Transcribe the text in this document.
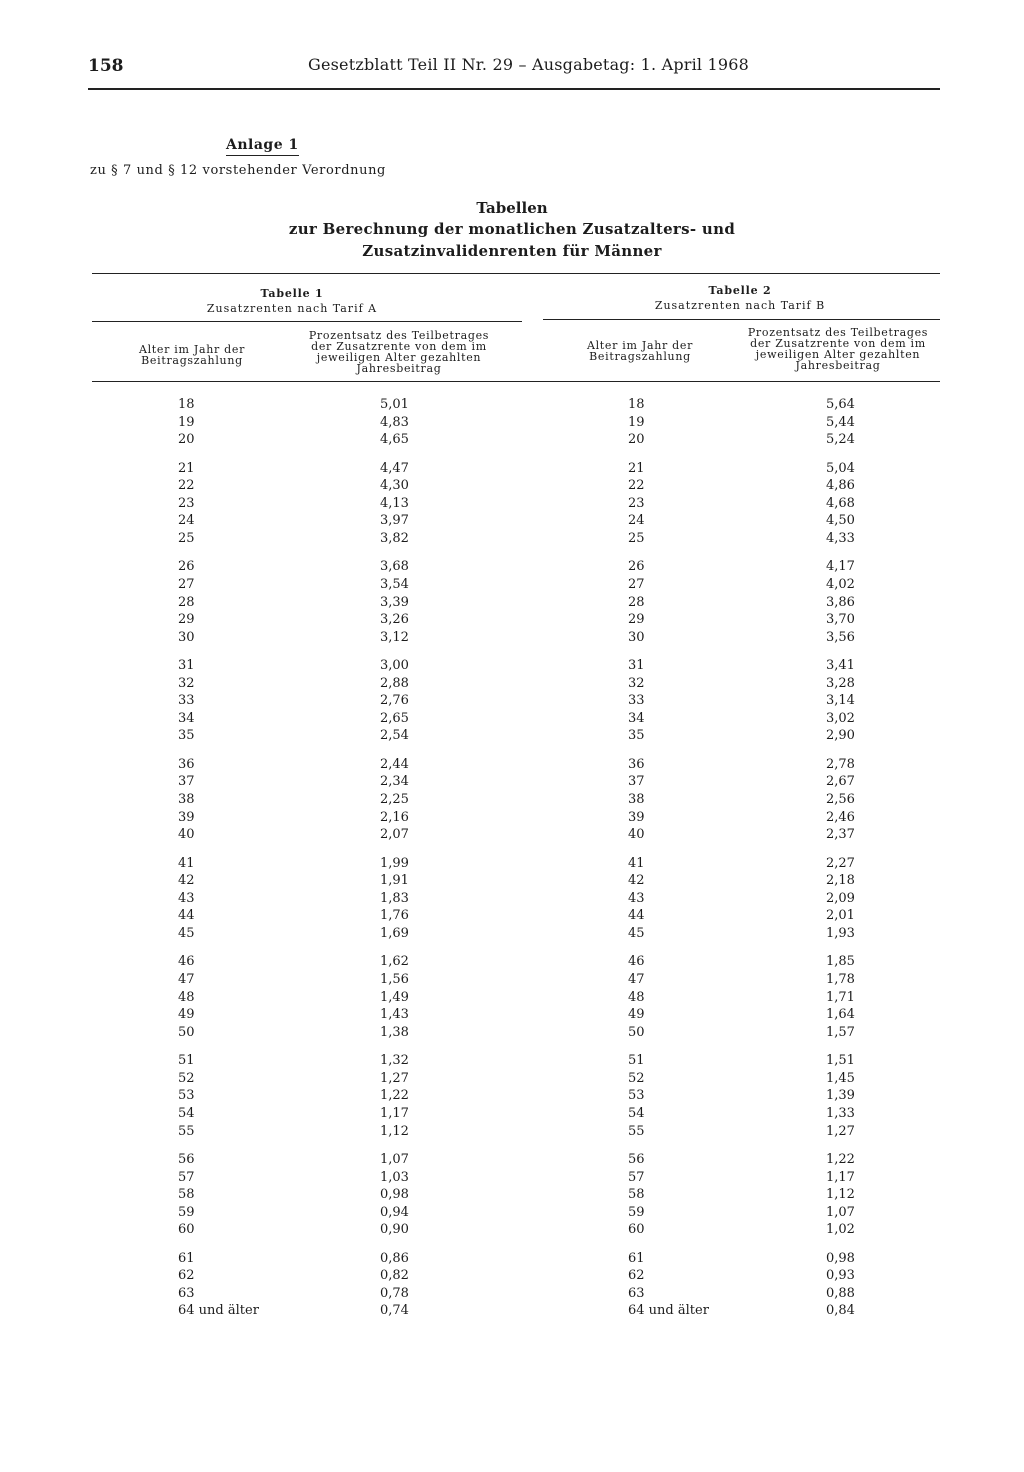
158	Gesetzblatt Teil II Nr. 29 – Ausgabetag: 1. April 1968
Anlage 1
zu § 7 und § 12 vorstehender Verordnung
Tabellen
zur Berechnung der monatlichen Zusatzalters- und
Zusatzinvalidenrenten für Männer
Tabelle 1
Zusatzrenten nach Tarif A
Tabelle 2
Zusatzrenten nach Tarif B
Alter im Jahr der
Beitragszahlung
Prozentsatz des Teilbetrages
der Zusatzrente von dem im
jeweiligen Alter gezahlten
Jahresbeitrag
Alter im Jahr der
Beitragszahlung
Prozentsatz des Teilbetrages
der Zusatzrente von dem im
jeweiligen Alter gezahlten
Jahresbeitrag
18
19
20
21
22
23
24
25
26
27
28
29
30
31
32
33
34
35
36
37
38
39
40
41
42
43
44
45
46
47
48
49
50
51
52
53
54
55
56
57
58
59
60
61
62
63
64 und älter
5,01
4,83
4,65
4,47
4,30
4,13
3,97
3,82
3,68
3,54
3,39
3,26
3,12
3,00
2,88
2,76
2,65
2,54
2,44
2,34
2,25
2,16
2,07
1,99
1,91
1,83
1,76
1,69
1,62
1,56
1,49
1,43
1,38
1,32
1,27
1,22
1,17
1,12
1,07
1,03
0,98
0,94
0,90
0,86
0,82
0,78
0,74
18
19
20
21
22
23
24
25
26
27
28
29
30
31
32
33
34
35
36
37
38
39
40
41
42
43
44
45
46
47
48
49
50
51
52
53
54
55
56
57
58
59
60
61
62
63
64 und älter
5,64
5,44
5,24
5,04
4,86
4,68
4,50
4,33
4,17
4,02
3,86
3,70
3,56
3,41
3,28
3,14
3,02
2,90
2,78
2,67
2,56
2,46
2,37
2,27
2,18
2,09
2,01
1,93
1,85
1,78
1,71
1,64
1,57
1,51
1,45
1,39
1,33
1,27
1,22
1,17
1,12
1,07
1,02
0,98
0,93
0,88
0,84
